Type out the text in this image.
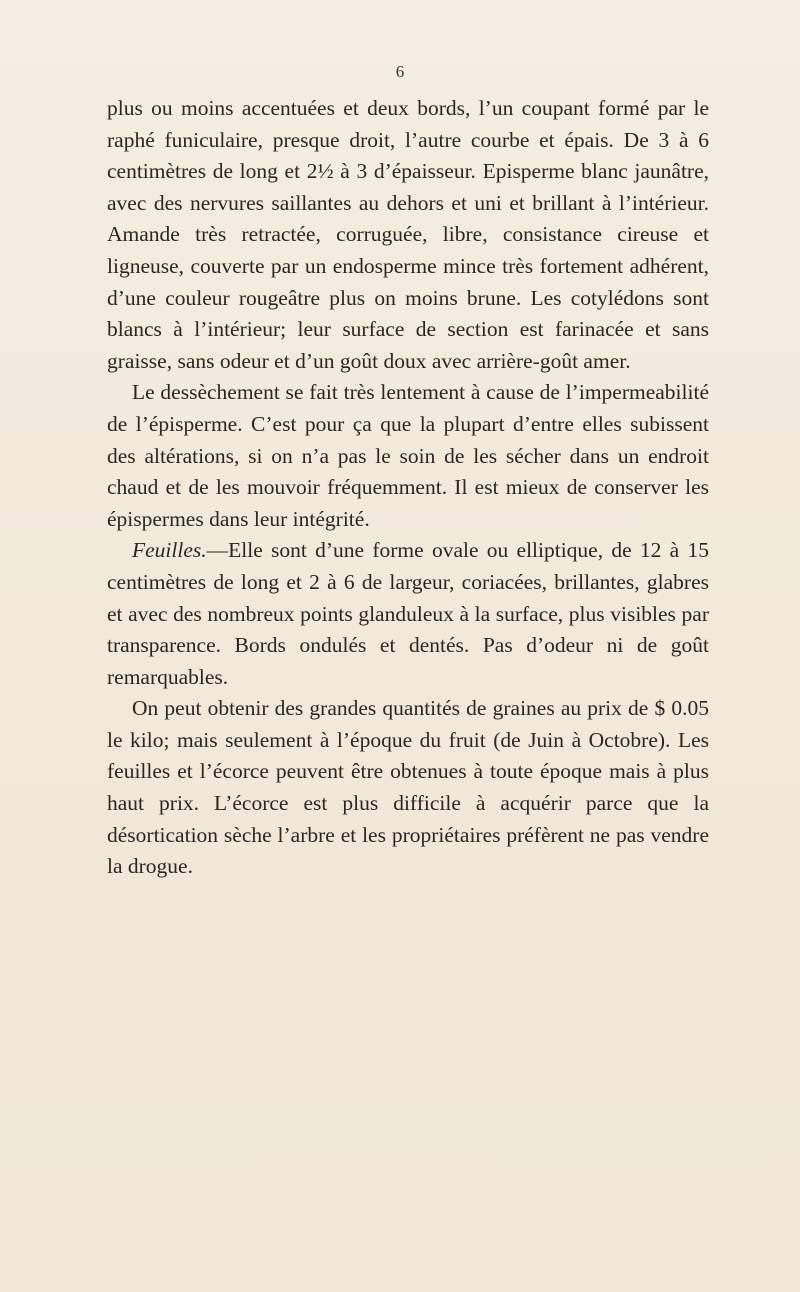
6

plus ou moins accentuées et deux bords, l’un coupant formé par le raphé funiculaire, presque droit, l’autre courbe et épais. De 3 à 6 centimètres de long et 2½ à 3 d’épaisseur. Episperme blanc jaunâtre, avec des nervures saillantes au dehors et uni et brillant à l’intérieur. Amande très retractée, corruguée, libre, consistance cireuse et ligneuse, couverte par un endosperme mince très fortement adhérent, d’une couleur rougeâtre plus on moins brune. Les cotylédons sont blancs à l’intérieur; leur surface de section est farinacée et sans graisse, sans odeur et d’un goût doux avec arrière-goût amer.

Le dessèchement se fait très lentement à cause de l’impermeabilité de l’épisperme. C’est pour ça que la plupart d’entre elles subissent des altérations, si on n’a pas le soin de les sécher dans un endroit chaud et de les mouvoir fréquemment. Il est mieux de conserver les épispermes dans leur intégrité.

Feuilles.—Elle sont d’une forme ovale ou elliptique, de 12 à 15 centimètres de long et 2 à 6 de largeur, coriacées, brillantes, glabres et avec des nombreux points glanduleux à la surface, plus visibles par transparence. Bords ondulés et dentés. Pas d’odeur ni de goût remarquables.

On peut obtenir des grandes quantités de graines au prix de $ 0.05 le kilo; mais seulement à l’époque du fruit (de Juin à Octobre). Les feuilles et l’écorce peuvent être obtenues à toute époque mais à plus haut prix. L’écorce est plus difficile à acquérir parce que la désortication sèche l’arbre et les propriétaires préfèrent ne pas vendre la drogue.
